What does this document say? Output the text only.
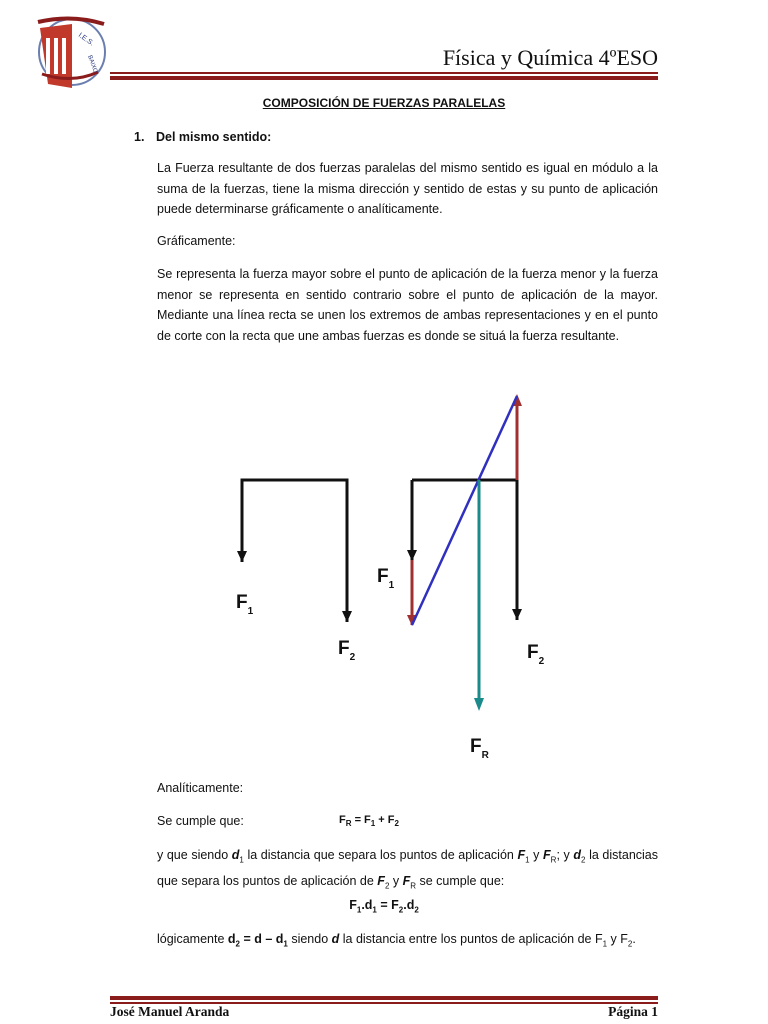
I.E.S.
BAIXO	Física y Química 4ºESO
COMPOSICIÓN DE FUERZAS PARALELAS
1. Del mismo sentido:

La Fuerza resultante de dos fuerzas paralelas del mismo sentido es igual en módulo a la suma de la fuerzas, tiene la misma dirección y sentido de estas y su punto de aplicación puede determinarse gráficamente o analíticamente.

Gráficamente:

Se representa la fuerza mayor sobre el punto de aplicación de la fuerza menor y la fuerza menor se representa en sentido contrario sobre el punto de aplicación de la mayor. Mediante una línea recta se unen los extremos de ambas representaciones y en el punto de corte con la recta que une ambas fuerzas es donde se situá la fuerza resultante.

$F_1$
$F_2$
$F_1$
$F_2$
$F_R$
Analíticamente:
Se cumple que:	$F_R = F_1 + F_2$

y que siendo $d_1$ la distancia que separa los puntos de aplicación $F_1$ y $F_R$; y $d_2$ la distancias que separa los puntos de aplicación de $F_2$ y $F_R$ se cumple que:

$F_1.d_1 = F_2.d_2$
lógicamente $d_2 = d - d_1$ siendo d la distancia entre los puntos de aplicación de $F_1$ y $F_2$.
José Manuel Aranda	Página 1
